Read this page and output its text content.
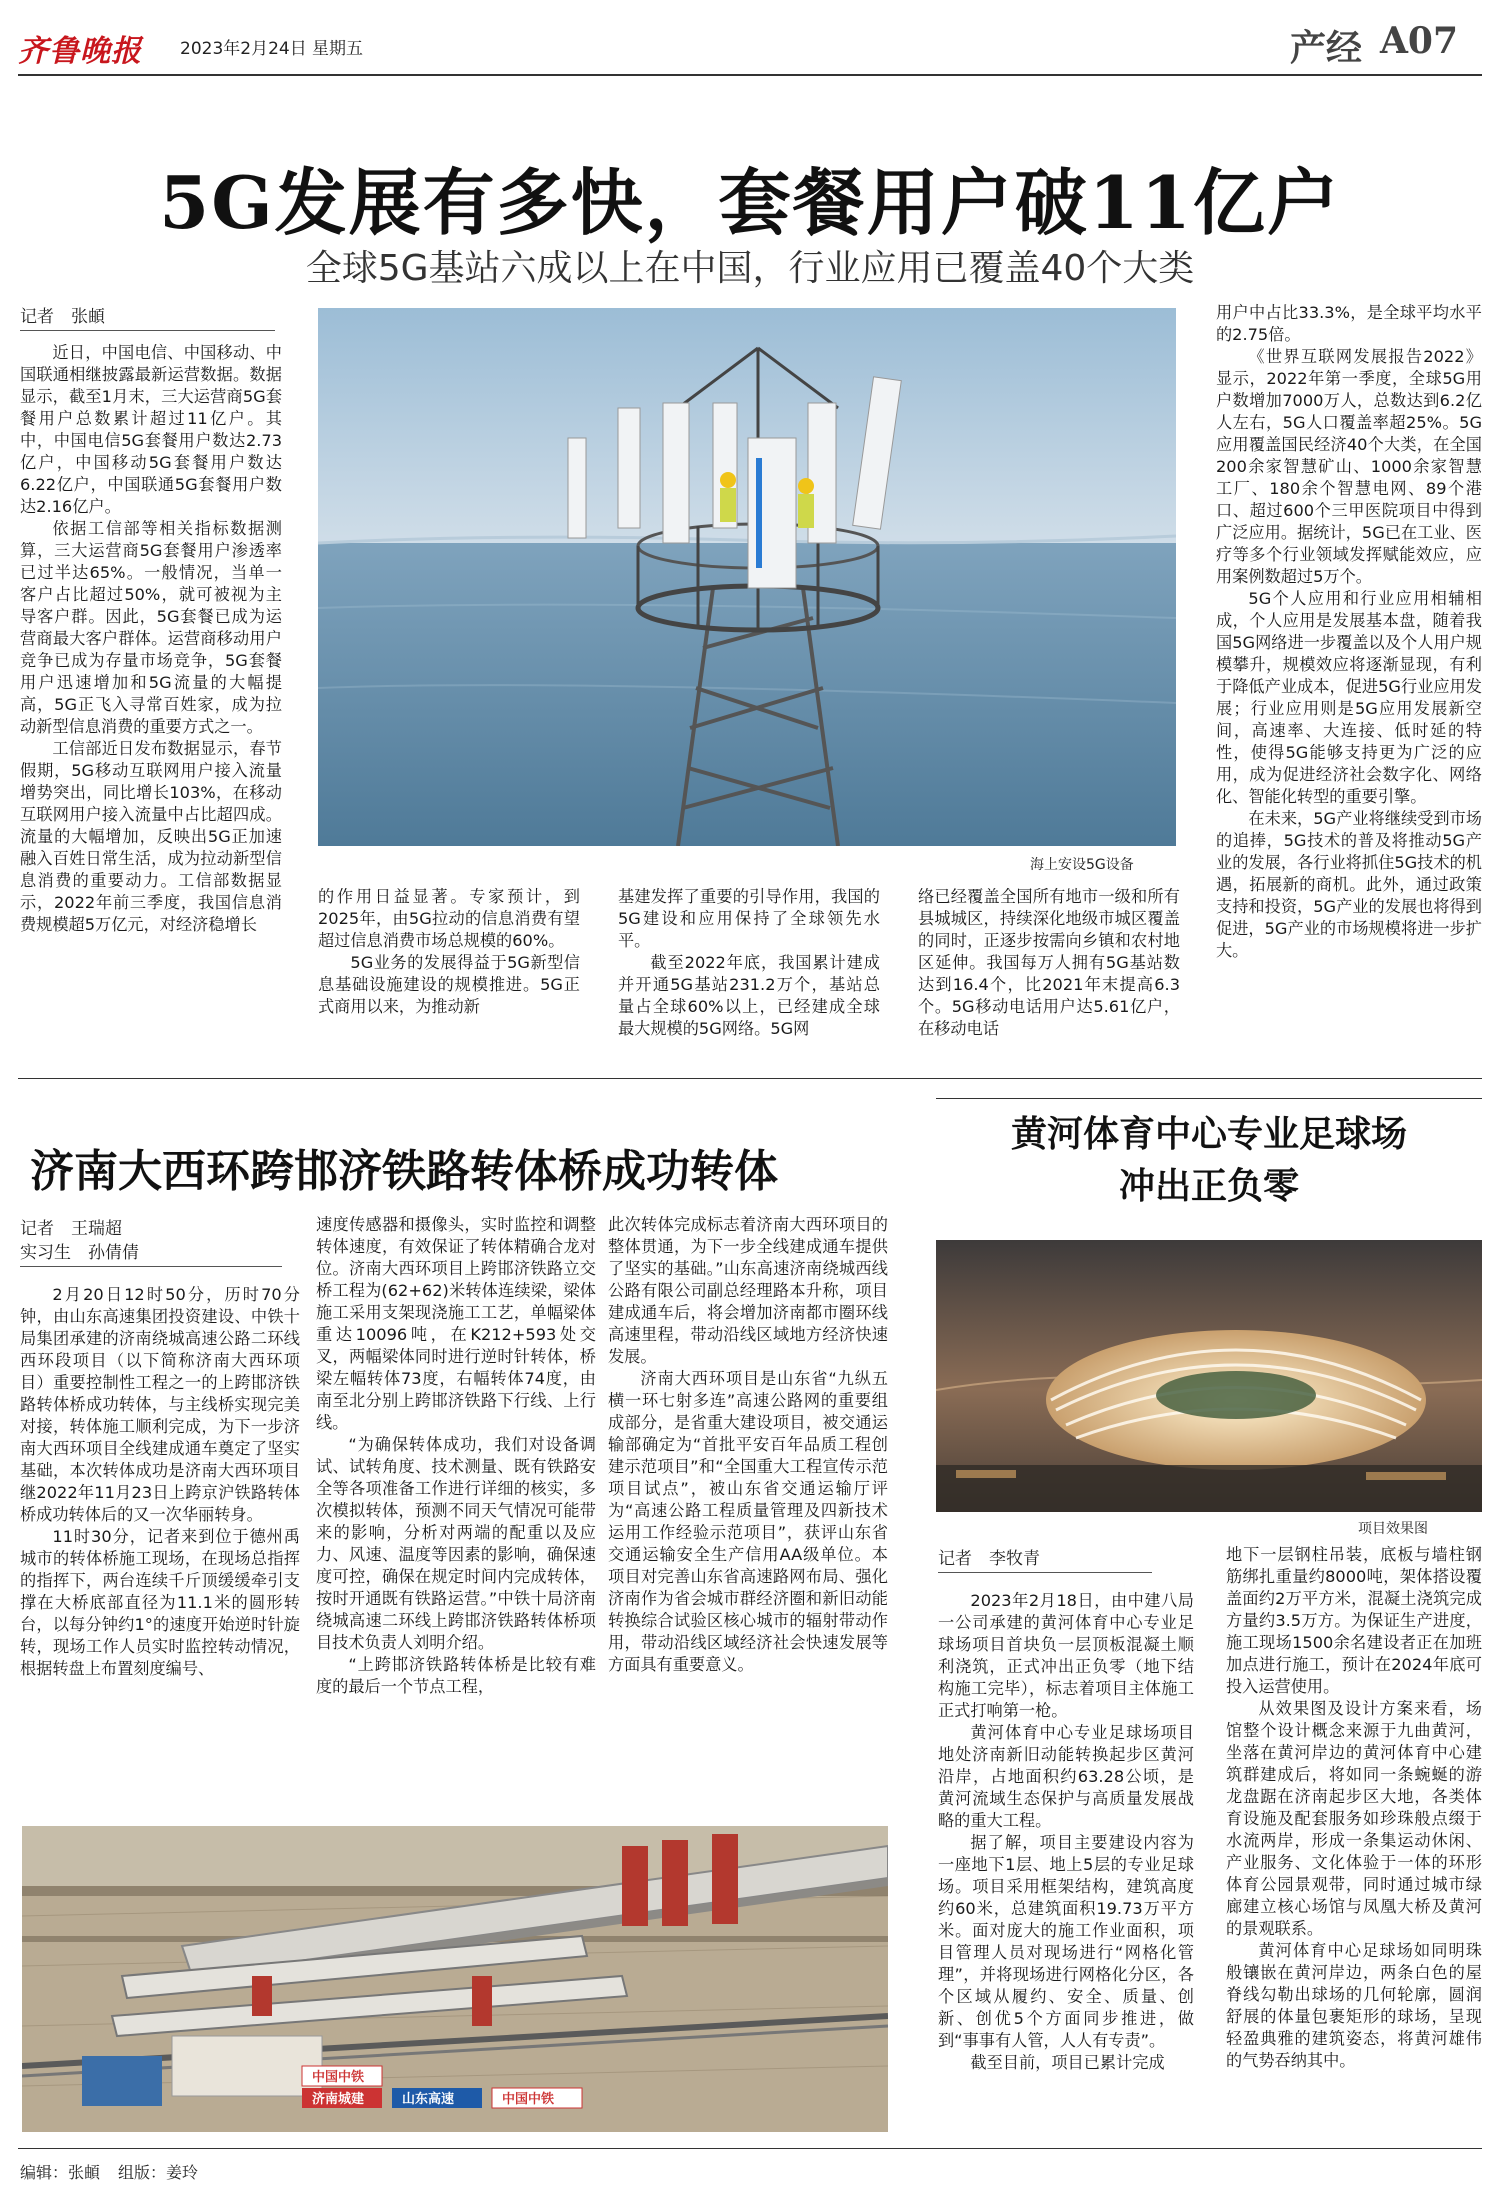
齐鲁晚报 2023年2月24日 星期五	产经 A07
5G发展有多快，套餐用户破11亿户
全球5G基站六成以上在中国，行业应用已覆盖40个大类
记者　张頔

近日，中国电信、中国移动、中国联通相继披露最新运营数据。数据显示，截至1月末，三大运营商5G套餐用户总数累计超过11亿户。其中，中国电信5G套餐用户数达2.73亿户，中国移动5G套餐用户数达6.22亿户，中国联通5G套餐用户数达2.16亿户。

依据工信部等相关指标数据测算，三大运营商5G套餐用户渗透率已过半达65%。一般情况，当单一客户占比超过50%，就可被视为主导客户群。因此，5G套餐已成为运营商最大客户群体。运营商移动用户竞争已成为存量市场竞争，5G套餐用户迅速增加和5G流量的大幅提高，5G正飞入寻常百姓家，成为拉动新型信息消费的重要方式之一。

工信部近日发布数据显示，春节假期，5G移动互联网用户接入流量增势突出，同比增长103%，在移动互联网用户接入流量中占比超四成。流量的大幅增加，反映出5G正加速融入百姓日常生活，成为拉动新型信息消费的重要动力。工信部数据显示，2022年前三季度，我国信息消费规模超5万亿元，对经济稳增长

海上安设5G设备

的作用日益显著。专家预计，到2025年，由5G拉动的信息消费有望超过信息消费市场总规模的60%。

5G业务的发展得益于5G新型信息基础设施建设的规模推进。5G正式商用以来，为推动新

基建发挥了重要的引导作用，我国的5G建设和应用保持了全球领先水平。

截至2022年底，我国累计建成并开通5G基站231.2万个，基站总量占全球60%以上，已经建成全球最大规模的5G网络。5G网

络已经覆盖全国所有地市一级和所有县城城区，持续深化地级市城区覆盖的同时，正逐步按需向乡镇和农村地区延伸。我国每万人拥有5G基站数达到16.4个，比2021年末提高6.3个。5G移动电话用户达5.61亿户，在移动电话

用户中占比33.3%，是全球平均水平的2.75倍。

《世界互联网发展报告2022》显示，2022年第一季度，全球5G用户数增加7000万人，总数达到6.2亿人左右，5G人口覆盖率超25%。5G应用覆盖国民经济40个大类，在全国200余家智慧矿山、1000余家智慧工厂、180余个智慧电网、89个港口、超过600个三甲医院项目中得到广泛应用。据统计，5G已在工业、医疗等多个行业领域发挥赋能效应，应用案例数超过5万个。

5G个人应用和行业应用相辅相成，个人应用是发展基本盘，随着我国5G网络进一步覆盖以及个人用户规模攀升，规模效应将逐渐显现，有利于降低产业成本，促进5G行业应用发展；行业应用则是5G应用发展新空间，高速率、大连接、低时延的特性，使得5G能够支持更为广泛的应用，成为促进经济社会数字化、网络化、智能化转型的重要引擎。

在未来，5G产业将继续受到市场的追捧，5G技术的普及将推动5G产业的发展，各行业将抓住5G技术的机遇，拓展新的商机。此外，通过政策支持和投资，5G产业的发展也将得到促进，5G产业的市场规模将进一步扩大。

济南大西环跨邯济铁路转体桥成功转体
记者　王瑞超
实习生　孙倩倩

2月20日12时50分，历时70分钟，由山东高速集团投资建设、中铁十局集团承建的济南绕城高速公路二环线西环段项目（以下简称济南大西环项目）重要控制性工程之一的上跨邯济铁路转体桥成功转体，与主线桥实现完美对接，转体施工顺利完成，为下一步济南大西环项目全线建成通车奠定了坚实基础，本次转体成功是济南大西环项目继2022年11月23日上跨京沪铁路转体桥成功转体后的又一次华丽转身。

11时30分，记者来到位于德州禹城市的转体桥施工现场，在现场总指挥的指挥下，两台连续千斤顶缓缓牵引支撑在大桥底部直径为11.1米的圆形转台，以每分钟约1°的速度开始逆时针旋转，现场工作人员实时监控转动情况，根据转盘上布置刻度编号、

速度传感器和摄像头，实时监控和调整转体速度，有效保证了转体精确合龙对位。济南大西环项目上跨邯济铁路立交桥工程为(62+62)米转体连续梁，梁体施工采用支架现浇施工工艺，单幅梁体重达10096吨，在K212+593处交叉，两幅梁体同时进行逆时针转体，桥梁左幅转体73度，右幅转体74度，由南至北分别上跨邯济铁路下行线、上行线。

“为确保转体成功，我们对设备调试、试转角度、技术测量、既有铁路安全等各项准备工作进行详细的核实，多次模拟转体，预测不同天气情况可能带来的影响，分析对两端的配重以及应力、风速、温度等因素的影响，确保速度可控，确保在规定时间内完成转体，按时开通既有铁路运营。”中铁十局济南绕城高速二环线上跨邯济铁路转体桥项目技术负责人刘明介绍。

“上跨邯济铁路转体桥是比较有难度的最后一个节点工程，

此次转体完成标志着济南大西环项目的整体贯通，为下一步全线建成通车提供了坚实的基础。”山东高速济南绕城西线公路有限公司副总经理路本升称，项目建成通车后，将会增加济南都市圈环线高速里程，带动沿线区域地方经济快速发展。

济南大西环项目是山东省“九纵五横一环七射多连”高速公路网的重要组成部分，是省重大建设项目，被交通运输部确定为“首批平安百年品质工程创建示范项目”和“全国重大工程宣传示范项目试点”，被山东省交通运输厅评为“高速公路工程质量管理及四新技术运用工作经验示范项目”，获评山东省交通运输安全生产信用AA级单位。本项目对完善山东省高速路网布局、强化济南作为省会城市群经济圈和新旧动能转换综合试验区核心城市的辐射带动作用，带动沿线区域经济社会快速发展等方面具有重要意义。

中国中铁
济南城建	山东高速	中国中铁
黄河体育中心专业足球场
冲出正负零
项目效果图
记者　李牧青

2023年2月18日，由中建八局一公司承建的黄河体育中心专业足球场项目首块负一层顶板混凝土顺利浇筑，正式冲出正负零（地下结构施工完毕），标志着项目主体施工正式打响第一枪。

黄河体育中心专业足球场项目地处济南新旧动能转换起步区黄河沿岸，占地面积约63.28公顷，是黄河流域生态保护与高质量发展战略的重大工程。

据了解，项目主要建设内容为一座地下1层、地上5层的专业足球场。项目采用框架结构，建筑高度约60米，总建筑面积19.73万平方米。面对庞大的施工作业面积，项目管理人员对现场进行“网格化管理”，并将现场进行网格化分区，各个区域从履约、安全、质量、创新、创优5个方面同步推进，做到“事事有人管，人人有专责”。

截至目前，项目已累计完成

地下一层钢柱吊装，底板与墙柱钢筋绑扎重量约8000吨，架体搭设覆盖面约2万平方米，混凝土浇筑完成方量约3.5万方。为保证生产进度，施工现场1500余名建设者正在加班加点进行施工，预计在2024年底可投入运营使用。

从效果图及设计方案来看，场馆整个设计概念来源于九曲黄河，坐落在黄河岸边的黄河体育中心建筑群建成后，将如同一条蜿蜒的游龙盘踞在济南起步区大地，各类体育设施及配套服务如珍珠般点缀于水流两岸，形成一条集运动休闲、产业服务、文化体验于一体的环形体育公园景观带，同时通过城市绿廊建立核心场馆与凤凰大桥及黄河的景观联系。

黄河体育中心足球场如同明珠般镶嵌在黄河岸边，两条白色的屋脊线勾勒出球场的几何轮廓，圆润舒展的体量包裹矩形的球场，呈现轻盈典雅的建筑姿态，将黄河雄伟的气势吞纳其中。

编辑：张頔 组版：姜玲
